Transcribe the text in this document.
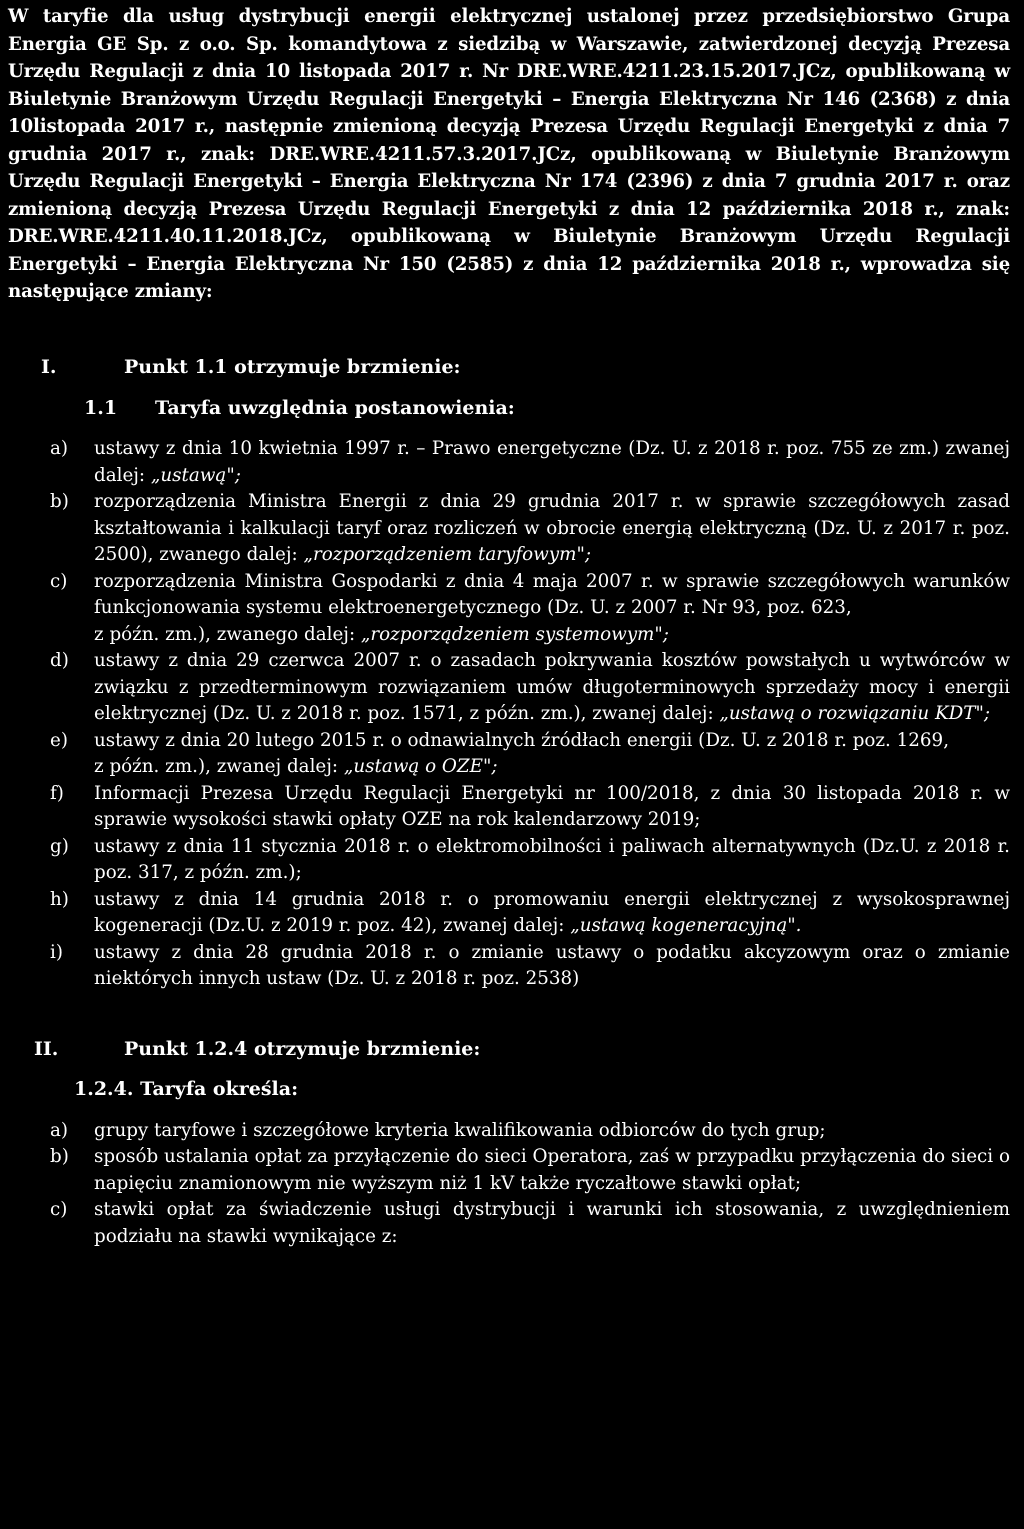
W taryfie dla usług dystrybucji energii elektrycznej ustalonej przez przedsiębiorstwo Grupa Energia GE Sp. z o.o. Sp. komandytowa z siedzibą w Warszawie, zatwierdzonej decyzją Prezesa Urzędu Regulacji z dnia 10 listopada 2017 r. Nr DRE.WRE.4211.23.15.2017.JCz, opublikowaną w Biuletynie Branżowym Urzędu Regulacji Energetyki – Energia Elektryczna Nr 146 (2368) z dnia 10listopada 2017 r., następnie zmienioną decyzją Prezesa Urzędu Regulacji Energetyki z dnia 7 grudnia 2017 r., znak: DRE.WRE.4211.57.3.2017.JCz, opublikowaną w Biuletynie Branżowym Urzędu Regulacji Energetyki – Energia Elektryczna Nr 174 (2396) z dnia 7 grudnia 2017 r. oraz zmienioną decyzją Prezesa Urzędu Regulacji Energetyki z dnia 12 października 2018 r., znak: DRE.WRE.4211.40.11.2018.JCz, opublikowaną w Biuletynie Branżowym Urzędu Regulacji Energetyki – Energia Elektryczna Nr 150 (2585) z dnia 12 października 2018 r., wprowadza się następujące zmiany:

I.	Punkt 1.1 otrzymuje brzmienie:
1.1	Taryfa uwzględnia postanowienia:
a)	ustawy z dnia 10 kwietnia 1997 r. – Prawo energetyczne (Dz. U. z 2018 r. poz. 755 ze zm.) zwanej dalej: „ustawą";
b)	rozporządzenia Ministra Energii z dnia 29 grudnia 2017 r. w sprawie szczegółowych zasad kształtowania i kalkulacji taryf oraz rozliczeń w obrocie energią elektryczną (Dz. U. z 2017 r. poz. 2500), zwanego dalej: „rozporządzeniem taryfowym";
c)	rozporządzenia Ministra Gospodarki z dnia 4 maja 2007 r. w sprawie szczegółowych warunków funkcjonowania systemu elektroenergetycznego (Dz. U. z 2007 r. Nr 93, poz. 623,
z późn. zm.), zwanego dalej: „rozporządzeniem systemowym";
d)	ustawy z dnia 29 czerwca 2007 r. o zasadach pokrywania kosztów powstałych u wytwórców w związku z przedterminowym rozwiązaniem umów długoterminowych sprzedaży mocy i energii elektrycznej (Dz. U. z 2018 r. poz. 1571, z późn. zm.), zwanej dalej: „ustawą o rozwiązaniu KDT";
e)	ustawy z dnia 20 lutego 2015 r. o odnawialnych źródłach energii (Dz. U. z 2018 r. poz. 1269,
z późn. zm.), zwanej dalej: „ustawą o OZE";
f)	Informacji Prezesa Urzędu Regulacji Energetyki nr 100/2018, z dnia 30 listopada 2018 r. w sprawie wysokości stawki opłaty OZE na rok kalendarzowy 2019;
g)	ustawy z dnia 11 stycznia 2018 r. o elektromobilności i paliwach alternatywnych (Dz.U. z 2018 r. poz. 317, z późn. zm.);
h)	ustawy z dnia 14 grudnia 2018 r. o promowaniu energii elektrycznej z wysokosprawnej kogeneracji (Dz.U. z 2019 r. poz. 42), zwanej dalej: „ustawą kogeneracyjną".
i)	ustawy z dnia 28 grudnia 2018 r. o zmianie ustawy o podatku akcyzowym oraz o zmianie niektórych innych ustaw (Dz. U. z 2018 r. poz. 2538)
II.	Punkt 1.2.4 otrzymuje brzmienie:
1.2.4. Taryfa określa:
a)	grupy taryfowe i szczegółowe kryteria kwalifikowania odbiorców do tych grup;
b)	sposób ustalania opłat za przyłączenie do sieci Operatora, zaś w przypadku przyłączenia do sieci o napięciu znamionowym nie wyższym niż 1 kV także ryczałtowe stawki opłat;
c)	stawki opłat za świadczenie usługi dystrybucji i warunki ich stosowania, z uwzględnieniem podziału na stawki wynikające z:
